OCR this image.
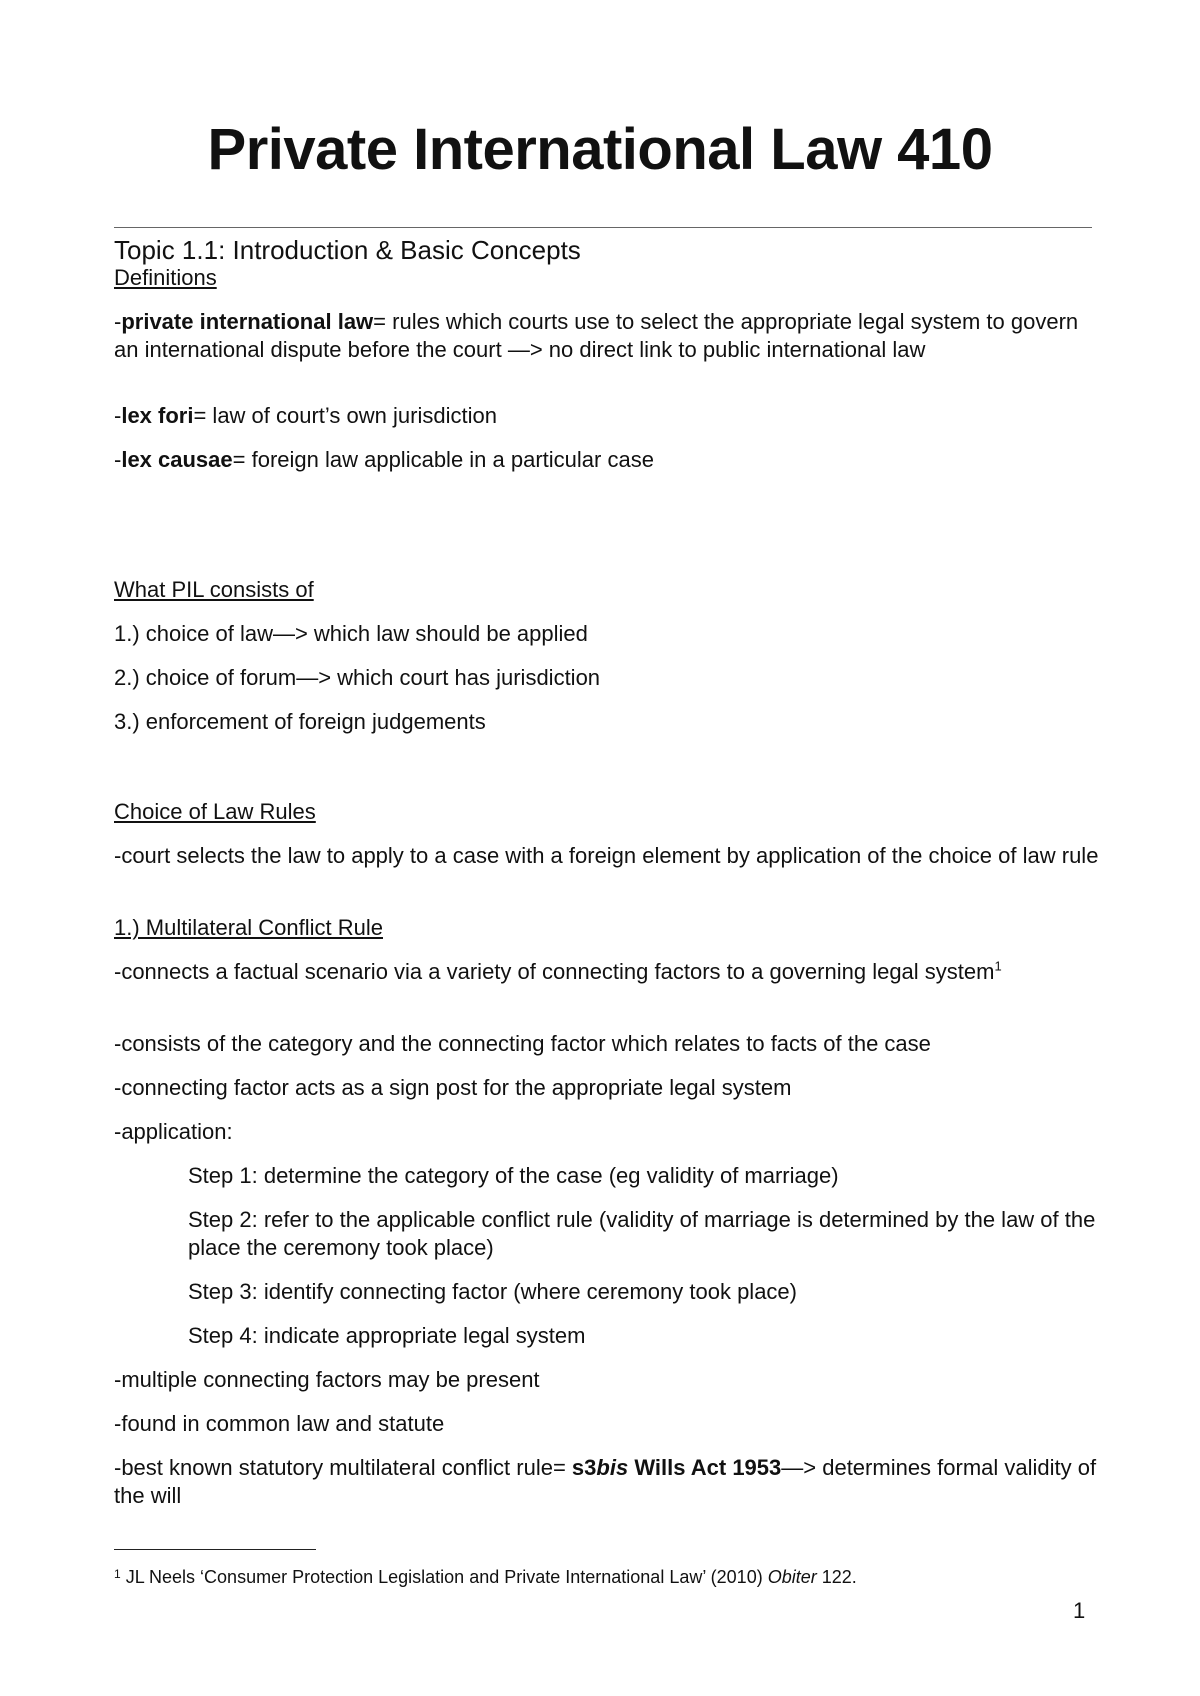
Private International Law 410
Topic 1.1: Introduction & Basic Concepts
Definitions
-private international law= rules which courts use to select the appropriate legal system to govern an international dispute before the court —> no direct link to public international law
-lex fori= law of court’s own jurisdiction
-lex causae= foreign law applicable in a particular case
What PIL consists of
1.) choice of law—> which law should be applied
2.) choice of forum—> which court has jurisdiction
3.) enforcement of foreign judgements
Choice of Law Rules
-court selects the law to apply to a case with a foreign element by application of the choice of law rule
1.) Multilateral Conflict Rule
-connects a factual scenario via a variety of connecting factors to a governing legal system$^1$
-consists of the category and the connecting factor which relates to facts of the case
-connecting factor acts as a sign post for the appropriate legal system
-application:
Step 1: determine the category of the case (eg validity of marriage)
Step 2: refer to the applicable conflict rule (validity of marriage is determined by the law of the place the ceremony took place)
Step 3: identify connecting factor (where ceremony took place)
Step 4: indicate appropriate legal system
-multiple connecting factors may be present
-found in common law and statute
-best known statutory multilateral conflict rule= s3bis Wills Act 1953—> determines formal validity of the will
$^1$ JL Neels ‘Consumer Protection Legislation and Private International Law’ (2010) Obiter 122.
1
